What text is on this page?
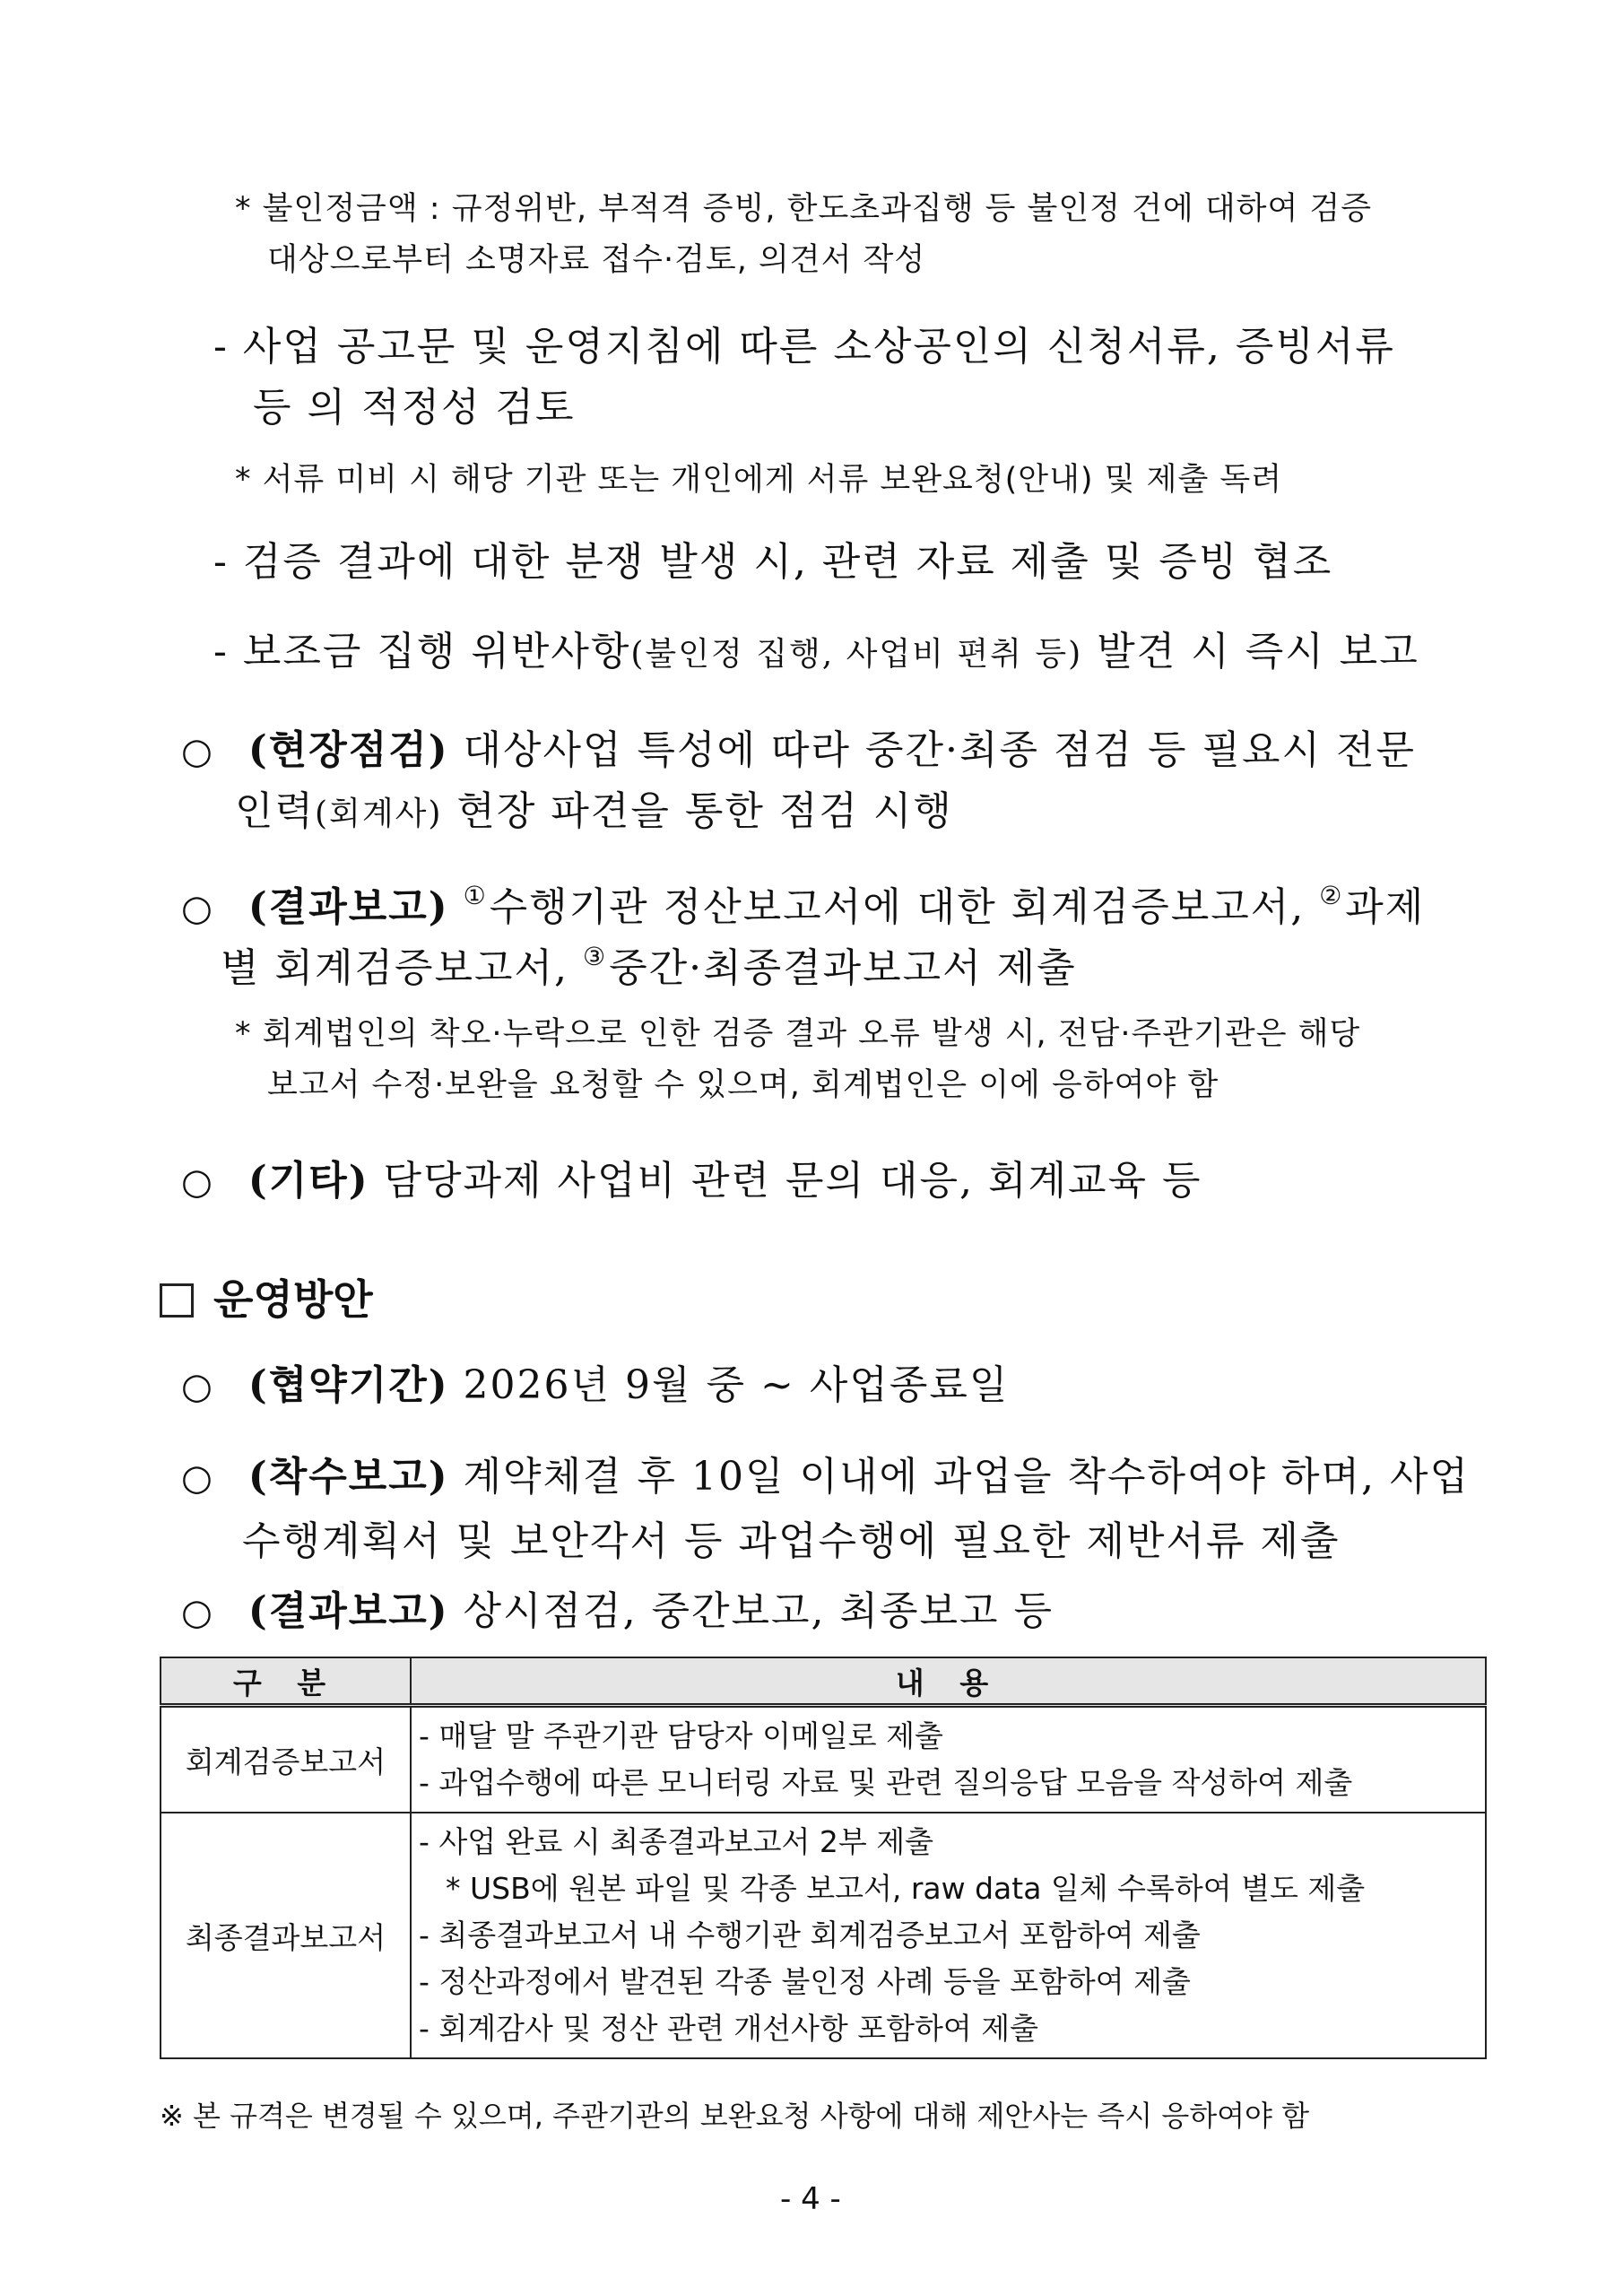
* 불인정금액 : 규정위반, 부적격 증빙, 한도초과집행 등 불인정 건에 대하여 검증
대상으로부터 소명자료 접수·검토, 의견서 작성
- 사업 공고문 및 운영지침에 따른 소상공인의 신청서류, 증빙서류
등 의 적정성 검토
* 서류 미비 시 해당 기관 또는 개인에게 서류 보완요청(안내) 및 제출 독려
- 검증 결과에 대한 분쟁 발생 시, 관련 자료 제출 및 증빙 협조
- 보조금 집행 위반사항(불인정 집행, 사업비 편취 등) 발견 시 즉시 보고
○ (현장점검) 대상사업 특성에 따라 중간·최종 점검 등 필요시 전문
인력(회계사) 현장 파견을 통한 점검 시행
○ (결과보고) ①수행기관 정산보고서에 대한 회계검증보고서, ②과제
별 회계검증보고서, ③중간·최종결과보고서 제출
* 회계법인의 착오·누락으로 인한 검증 결과 오류 발생 시, 전담·주관기관은 해당
보고서 수정·보완을 요청할 수 있으며, 회계법인은 이에 응하여야 함
○ (기타) 담당과제 사업비 관련 문의 대응, 회계교육 등
운영방안
○ (협약기간) 2026년 9월 중 ~ 사업종료일
○ (착수보고) 계약체결 후 10일 이내에 과업을 착수하여야 하며, 사업
수행계획서 및 보안각서 등 과업수행에 필요한 제반서류 제출
○ (결과보고) 상시점검, 중간보고, 최종보고 등
구 분	내 용
회계검증보고서	- 매달 말 주관기관 담당자 이메일로 제출
- 과업수행에 따른 모니터링 자료 및 관련 질의응답 모음을 작성하여 제출

최종결과보고서	- 사업 완료 시 최종결과보고서 2부 제출
* USB에 원본 파일 및 각종 보고서, raw data 일체 수록하여 별도 제출
- 최종결과보고서 내 수행기관 회계검증보고서 포함하여 제출
- 정산과정에서 발견된 각종 불인정 사례 등을 포함하여 제출
- 회계감사 및 정산 관련 개선사항 포함하여 제출
※ 본 규격은 변경될 수 있으며, 주관기관의 보완요청 사항에 대해 제안사는 즉시 응하여야 함
- 4 -
